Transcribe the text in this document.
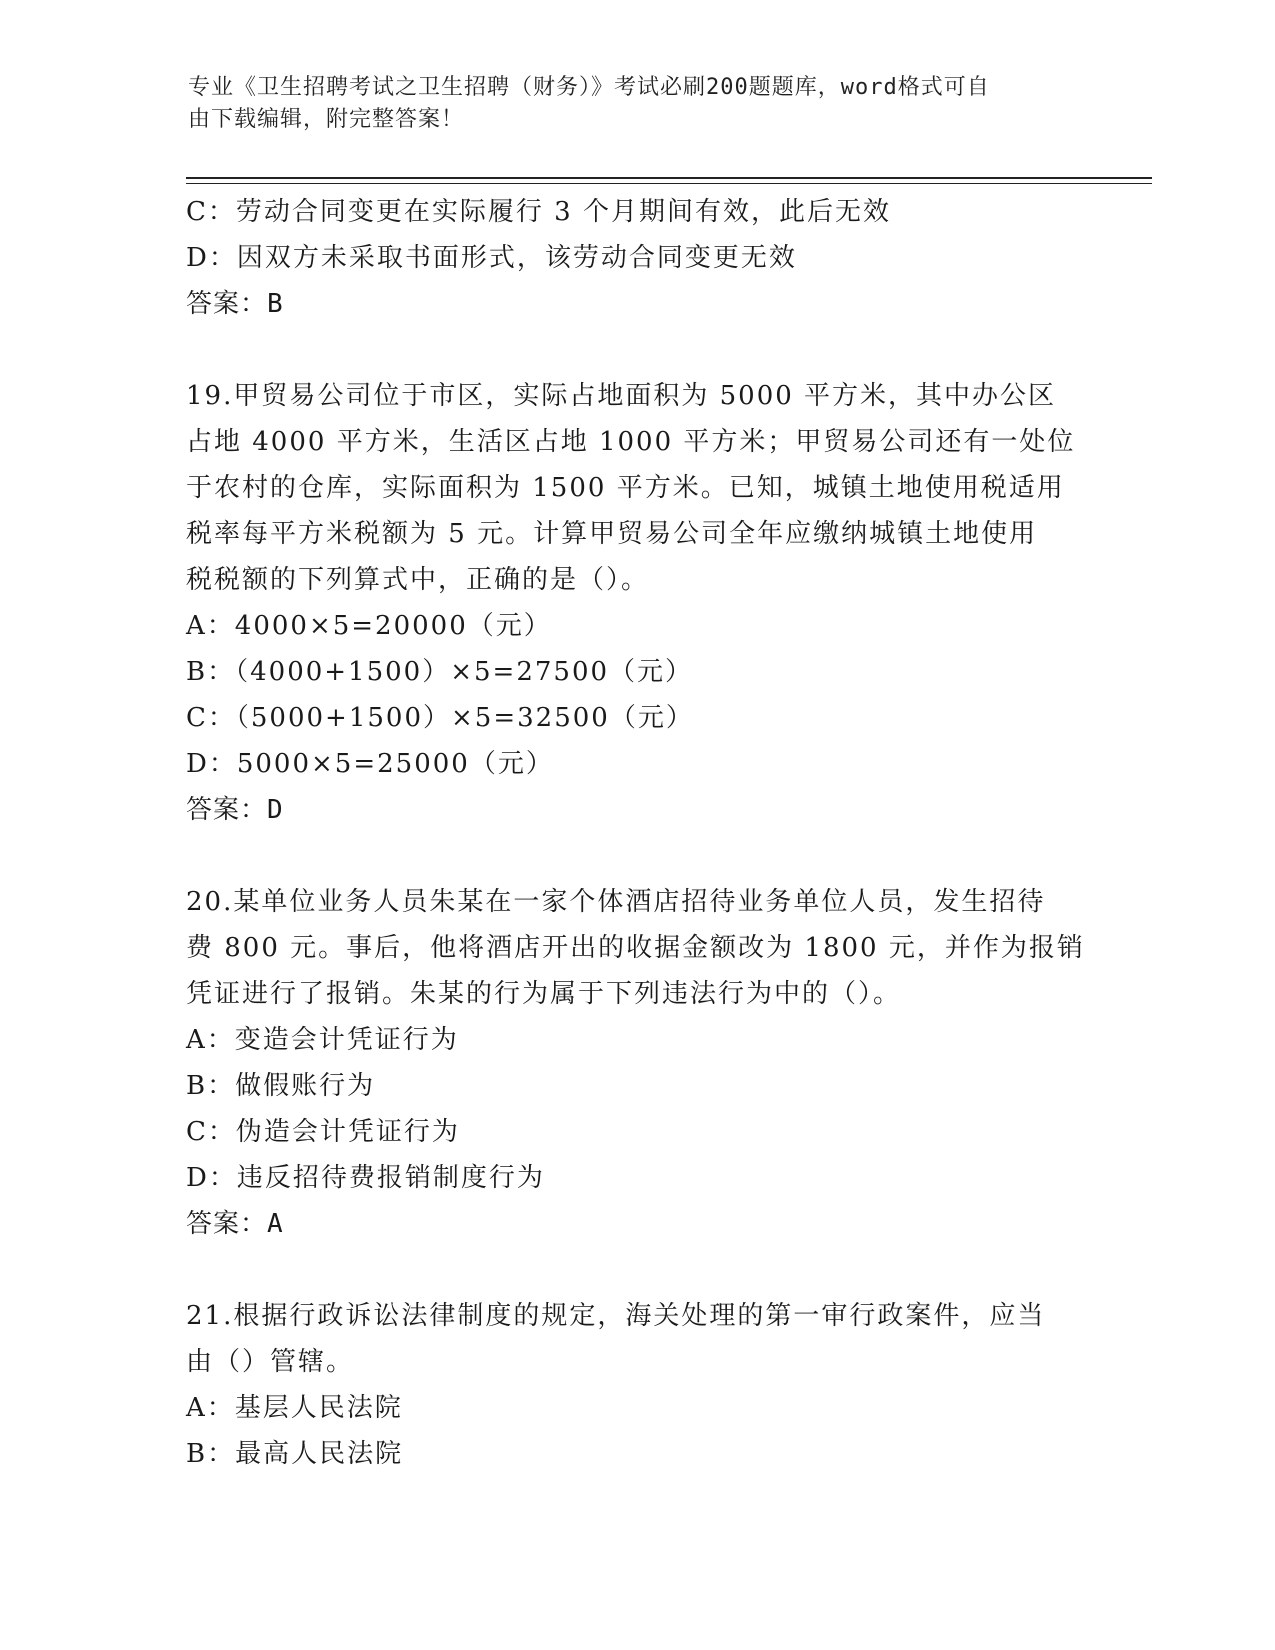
专业《卫生招聘考试之卫生招聘（财务）》考试必刷200题题库，word格式可自
由下载编辑，附完整答案！
C：劳动合同变更在实际履行 3 个月期间有效，此后无效
D：因双方未采取书面形式，该劳动合同变更无效
答案：B
19.甲贸易公司位于市区，实际占地面积为 5000 平方米，其中办公区
占地 4000 平方米，生活区占地 1000 平方米；甲贸易公司还有一处位
于农村的仓库，实际面积为 1500 平方米。已知，城镇土地使用税适用
税率每平方米税额为 5 元。计算甲贸易公司全年应缴纳城镇土地使用
税税额的下列算式中，正确的是（）。
A：4000×5=20000（元）
B：（4000+1500）×5=27500（元）
C：（5000+1500）×5=32500（元）
D：5000×5=25000（元）
答案：D
20.某单位业务人员朱某在一家个体酒店招待业务单位人员，发生招待
费 800 元。事后，他将酒店开出的收据金额改为 1800 元，并作为报销
凭证进行了报销。朱某的行为属于下列违法行为中的（）。
A：变造会计凭证行为
B：做假账行为
C：伪造会计凭证行为
D：违反招待费报销制度行为
答案：A
21.根据行政诉讼法律制度的规定，海关处理的第一审行政案件，应当
由（）管辖。
A：基层人民法院
B：最高人民法院
